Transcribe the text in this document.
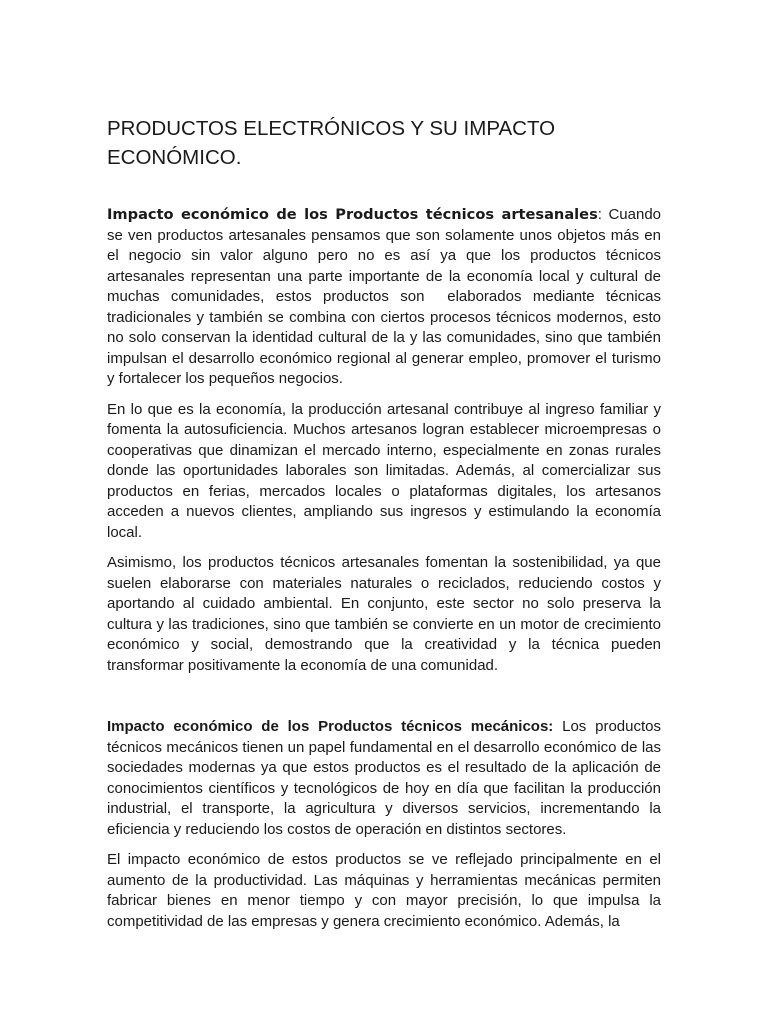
PRODUCTOS ELECTRÓNICOS Y SU IMPACTO ECONÓMICO.

Impacto económico de los Productos técnicos artesanales: Cuando se ven productos artesanales pensamos que son solamente unos objetos más en el negocio sin valor alguno pero no es así ya que los productos técnicos artesanales representan una parte importante de la economía local y cultural de muchas comunidades, estos productos son  elaborados mediante técnicas tradicionales y también se combina con ciertos procesos técnicos modernos, esto no solo conservan la identidad cultural de la y las comunidades, sino que también impulsan el desarrollo económico regional al generar empleo, promover el turismo y fortalecer los pequeños negocios.

En lo que es la economía, la producción artesanal contribuye al ingreso familiar y fomenta la autosuficiencia. Muchos artesanos logran establecer microempresas o cooperativas que dinamizan el mercado interno, especialmente en zonas rurales donde las oportunidades laborales son limitadas. Además, al comercializar sus productos en ferias, mercados locales o plataformas digitales, los artesanos acceden a nuevos clientes, ampliando sus ingresos y estimulando la economía local.

Asimismo, los productos técnicos artesanales fomentan la sostenibilidad, ya que suelen elaborarse con materiales naturales o reciclados, reduciendo costos y aportando al cuidado ambiental. En conjunto, este sector no solo preserva la cultura y las tradiciones, sino que también se convierte en un motor de crecimiento económico y social, demostrando que la creatividad y la técnica pueden transformar positivamente la economía de una comunidad.

Impacto económico de los Productos técnicos mecánicos: Los productos técnicos mecánicos tienen un papel fundamental en el desarrollo económico de las sociedades modernas ya que estos productos es el resultado de la aplicación de conocimientos científicos y tecnológicos de hoy en día que facilitan la producción industrial, el transporte, la agricultura y diversos servicios, incrementando la eficiencia y reduciendo los costos de operación en distintos sectores.

El impacto económico de estos productos se ve reflejado principalmente en el aumento de la productividad. Las máquinas y herramientas mecánicas permiten fabricar bienes en menor tiempo y con mayor precisión, lo que impulsa la competitividad de las empresas y genera crecimiento económico. Además, la
